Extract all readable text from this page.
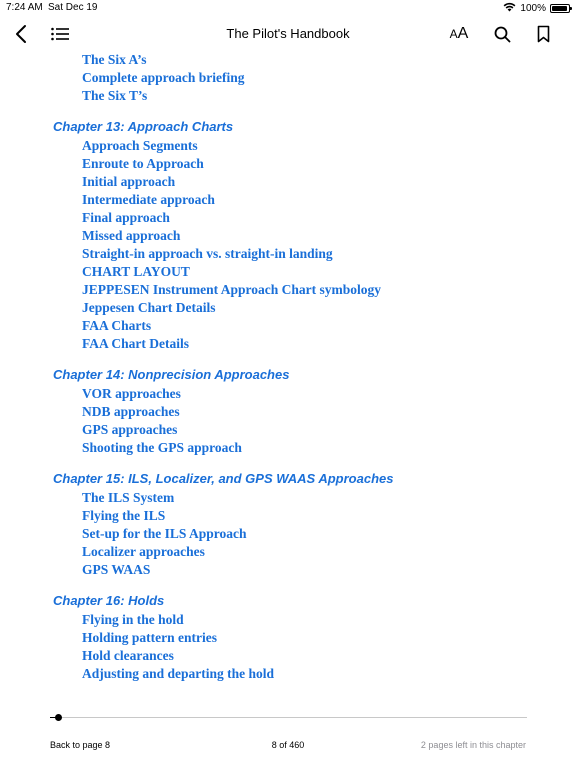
7:24 AM Sat Dec 19	100%
The Pilot's Handbook	AA
The Six A’s
Complete approach briefing
The Six T’s
Chapter 13: Approach Charts
Approach Segments
Enroute to Approach
Initial approach
Intermediate approach
Final approach
Missed approach
Straight-in approach vs. straight-in landing
CHART LAYOUT
JEPPESEN Instrument Approach Chart symbology
Jeppesen Chart Details
FAA Charts
FAA Chart Details
Chapter 14: Nonprecision Approaches
VOR approaches
NDB approaches
GPS approaches
Shooting the GPS approach
Chapter 15: ILS, Localizer, and GPS WAAS Approaches
The ILS System
Flying the ILS
Set-up for the ILS Approach
Localizer approaches
GPS WAAS
Chapter 16: Holds
Flying in the hold
Holding pattern entries
Hold clearances
Adjusting and departing the hold
Back to page 8	8 of 460	2 pages left in this chapter
